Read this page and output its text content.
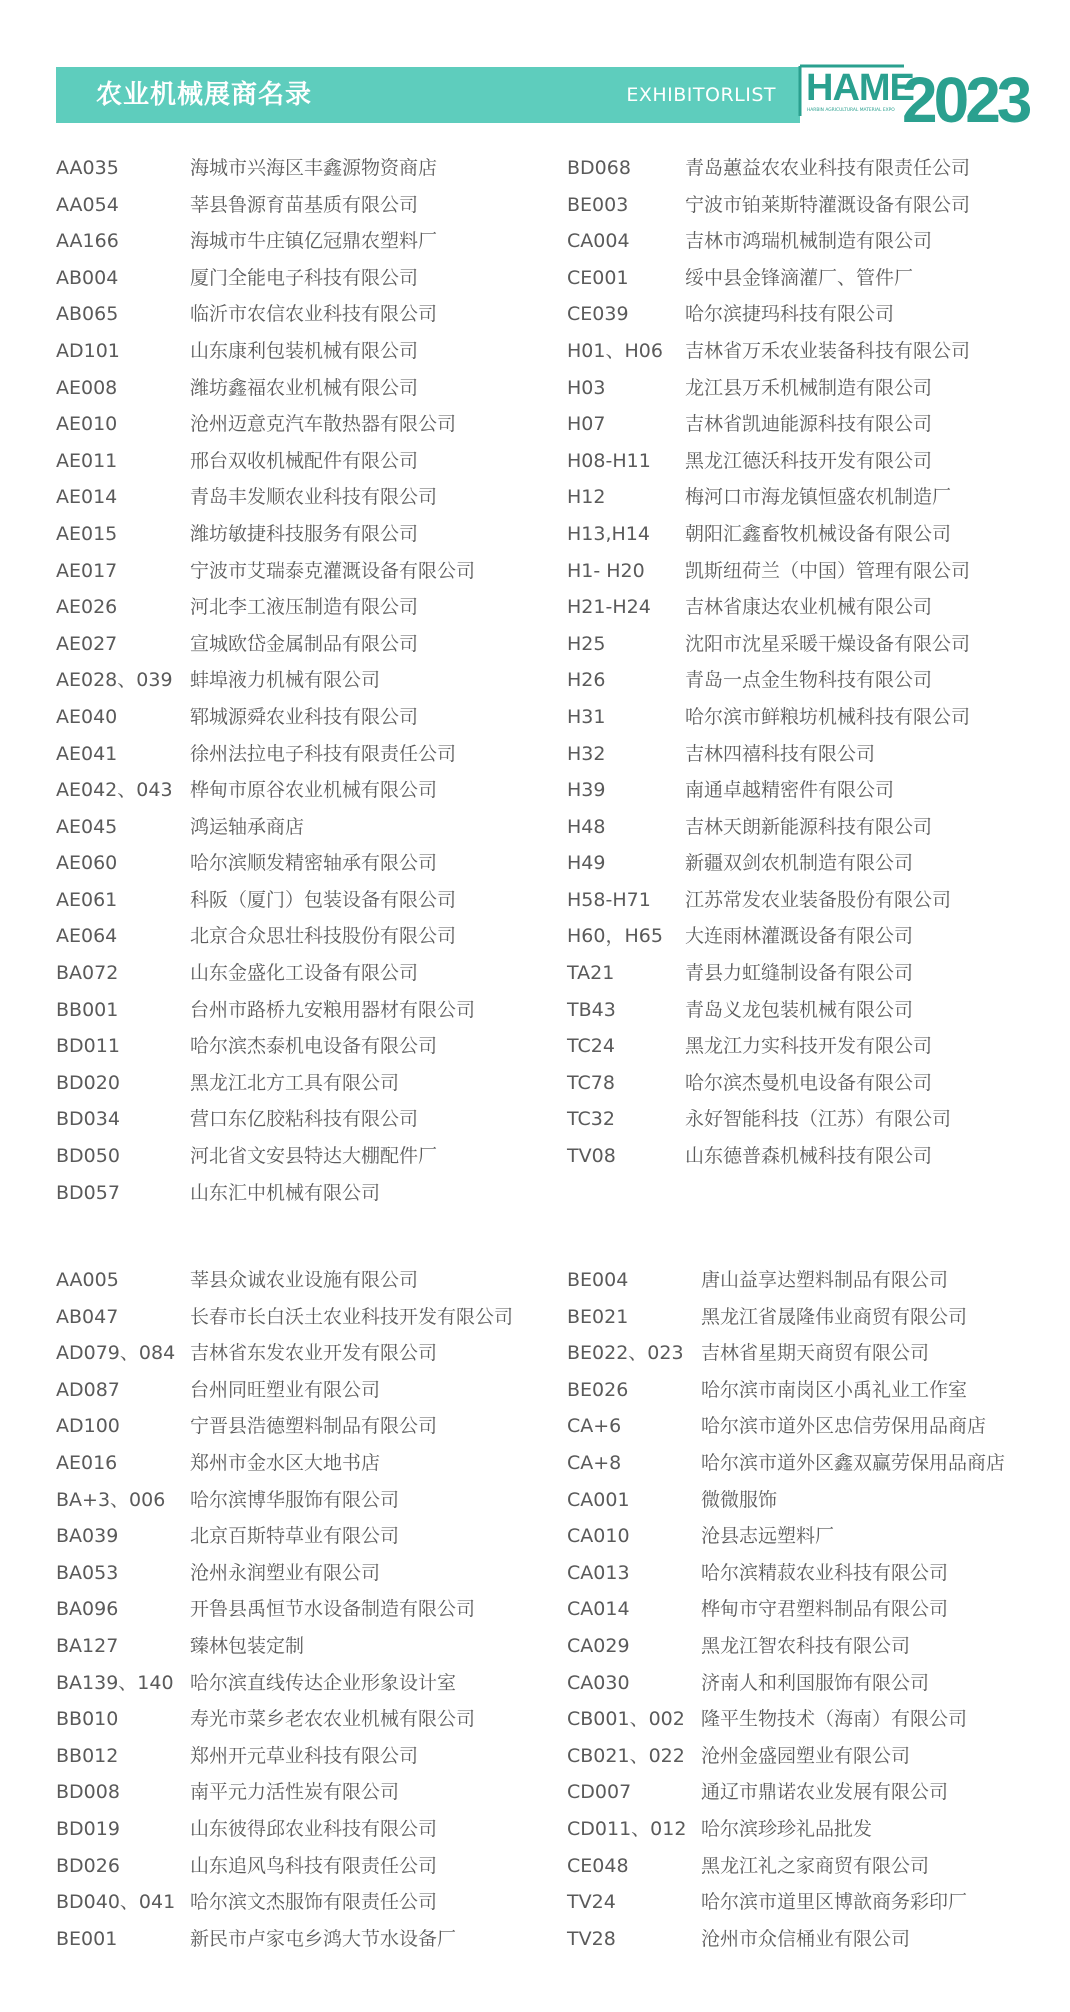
农业机械展商名录	EXHIBITORLIST HAME
HARBIN AGRICULTURAL MATERIAL EXPO 2023
AA035	海城市兴海区丰鑫源物资商店
AA054	莘县鲁源育苗基质有限公司
AA166	海城市牛庄镇亿冠鼎农塑料厂
AB004	厦门全能电子科技有限公司
AB065	临沂市农信农业科技有限公司
AD101	山东康利包装机械有限公司
AE008	潍坊鑫福农业机械有限公司
AE010	沧州迈意克汽车散热器有限公司
AE011	邢台双收机械配件有限公司
AE014	青岛丰发顺农业科技有限公司
AE015	潍坊敏捷科技服务有限公司
AE017	宁波市艾瑞泰克灌溉设备有限公司
AE026	河北李工液压制造有限公司
AE027	宣城欧岱金属制品有限公司
AE028、039 蚌埠液力机械有限公司
AE040	郓城源舜农业科技有限公司
AE041	徐州法拉电子科技有限责任公司
AE042、043 桦甸市原谷农业机械有限公司
AE045	鸿运轴承商店
AE060	哈尔滨顺发精密轴承有限公司
AE061	科阪（厦门）包装设备有限公司
AE064	北京合众思壮科技股份有限公司
BA072	山东金盛化工设备有限公司
BB001	台州市路桥九安粮用器材有限公司
BD011	哈尔滨杰泰机电设备有限公司
BD020	黑龙江北方工具有限公司
BD034	营口东亿胶粘科技有限公司
BD050	河北省文安县特达大棚配件厂
BD057	山东汇中机械有限公司
BD068	青岛蕙益农农业科技有限责任公司
BE003	宁波市铂莱斯特灌溉设备有限公司
CA004	吉林市鸿瑞机械制造有限公司
CE001	绥中县金锋滴灌厂、管件厂
CE039	哈尔滨捷玛科技有限公司
H01、H06 吉林省万禾农业装备科技有限公司
H03	龙江县万禾机械制造有限公司
H07	吉林省凯迪能源科技有限公司
H08-H11 黑龙江德沃科技开发有限公司
H12	梅河口市海龙镇恒盛农机制造厂
H13,H14 朝阳汇鑫畜牧机械设备有限公司
H1- H20 凯斯纽荷兰（中国）管理有限公司
H21-H24 吉林省康达农业机械有限公司
H25	沈阳市沈星采暖干燥设备有限公司
H26	青岛一点金生物科技有限公司
H31	哈尔滨市鲜粮坊机械科技有限公司
H32	吉林四禧科技有限公司
H39	南通卓越精密件有限公司
H48	吉林天朗新能源科技有限公司
H49	新疆双剑农机制造有限公司
H58-H71 江苏常发农业装备股份有限公司
H60，H65 大连雨林灌溉设备有限公司
TA21	青县力虹缝制设备有限公司
TB43	青岛义龙包装机械有限公司
TC24	黑龙江力实科技开发有限公司
TC78	哈尔滨杰曼机电设备有限公司
TC32	永好智能科技（江苏）有限公司
TV08	山东德普森机械科技有限公司
AA005	莘县众诚农业设施有限公司
AB047	长春市长白沃土农业科技开发有限公司
AD079、084 吉林省东发农业开发有限公司
AD087	台州同旺塑业有限公司
AD100	宁晋县浩德塑料制品有限公司
AE016	郑州市金水区大地书店
BA+3、006 哈尔滨博华服饰有限公司
BA039	北京百斯特草业有限公司
BA053	沧州永润塑业有限公司
BA096	开鲁县禹恒节水设备制造有限公司
BA127	臻林包装定制
BA139、140 哈尔滨直线传达企业形象设计室
BB010	寿光市菜乡老农农业机械有限公司
BB012	郑州开元草业科技有限公司
BD008	南平元力活性炭有限公司
BD019	山东彼得邱农业科技有限公司
BD026	山东追风鸟科技有限责任公司
BD040、041 哈尔滨文杰服饰有限责任公司
BE001	新民市卢家屯乡鸿大节水设备厂
BE004	唐山益享达塑料制品有限公司
BE021	黑龙江省晟隆伟业商贸有限公司
BE022、023 吉林省星期天商贸有限公司
BE026	哈尔滨市南岗区小禹礼业工作室
CA+6	哈尔滨市道外区忠信劳保用品商店
CA+8	哈尔滨市道外区鑫双赢劳保用品商店
CA001	微微服饰
CA010	沧县志远塑料厂
CA013	哈尔滨精菽农业科技有限公司
CA014	桦甸市守君塑料制品有限公司
CA029	黑龙江智农科技有限公司
CA030	济南人和利国服饰有限公司
CB001、002 隆平生物技术（海南）有限公司
CB021、022 沧州金盛园塑业有限公司
CD007	通辽市鼎诺农业发展有限公司
CD011、012 哈尔滨珍珍礼品批发
CE048	黑龙江礼之家商贸有限公司
TV24	哈尔滨市道里区博歆商务彩印厂
TV28	沧州市众信桶业有限公司
